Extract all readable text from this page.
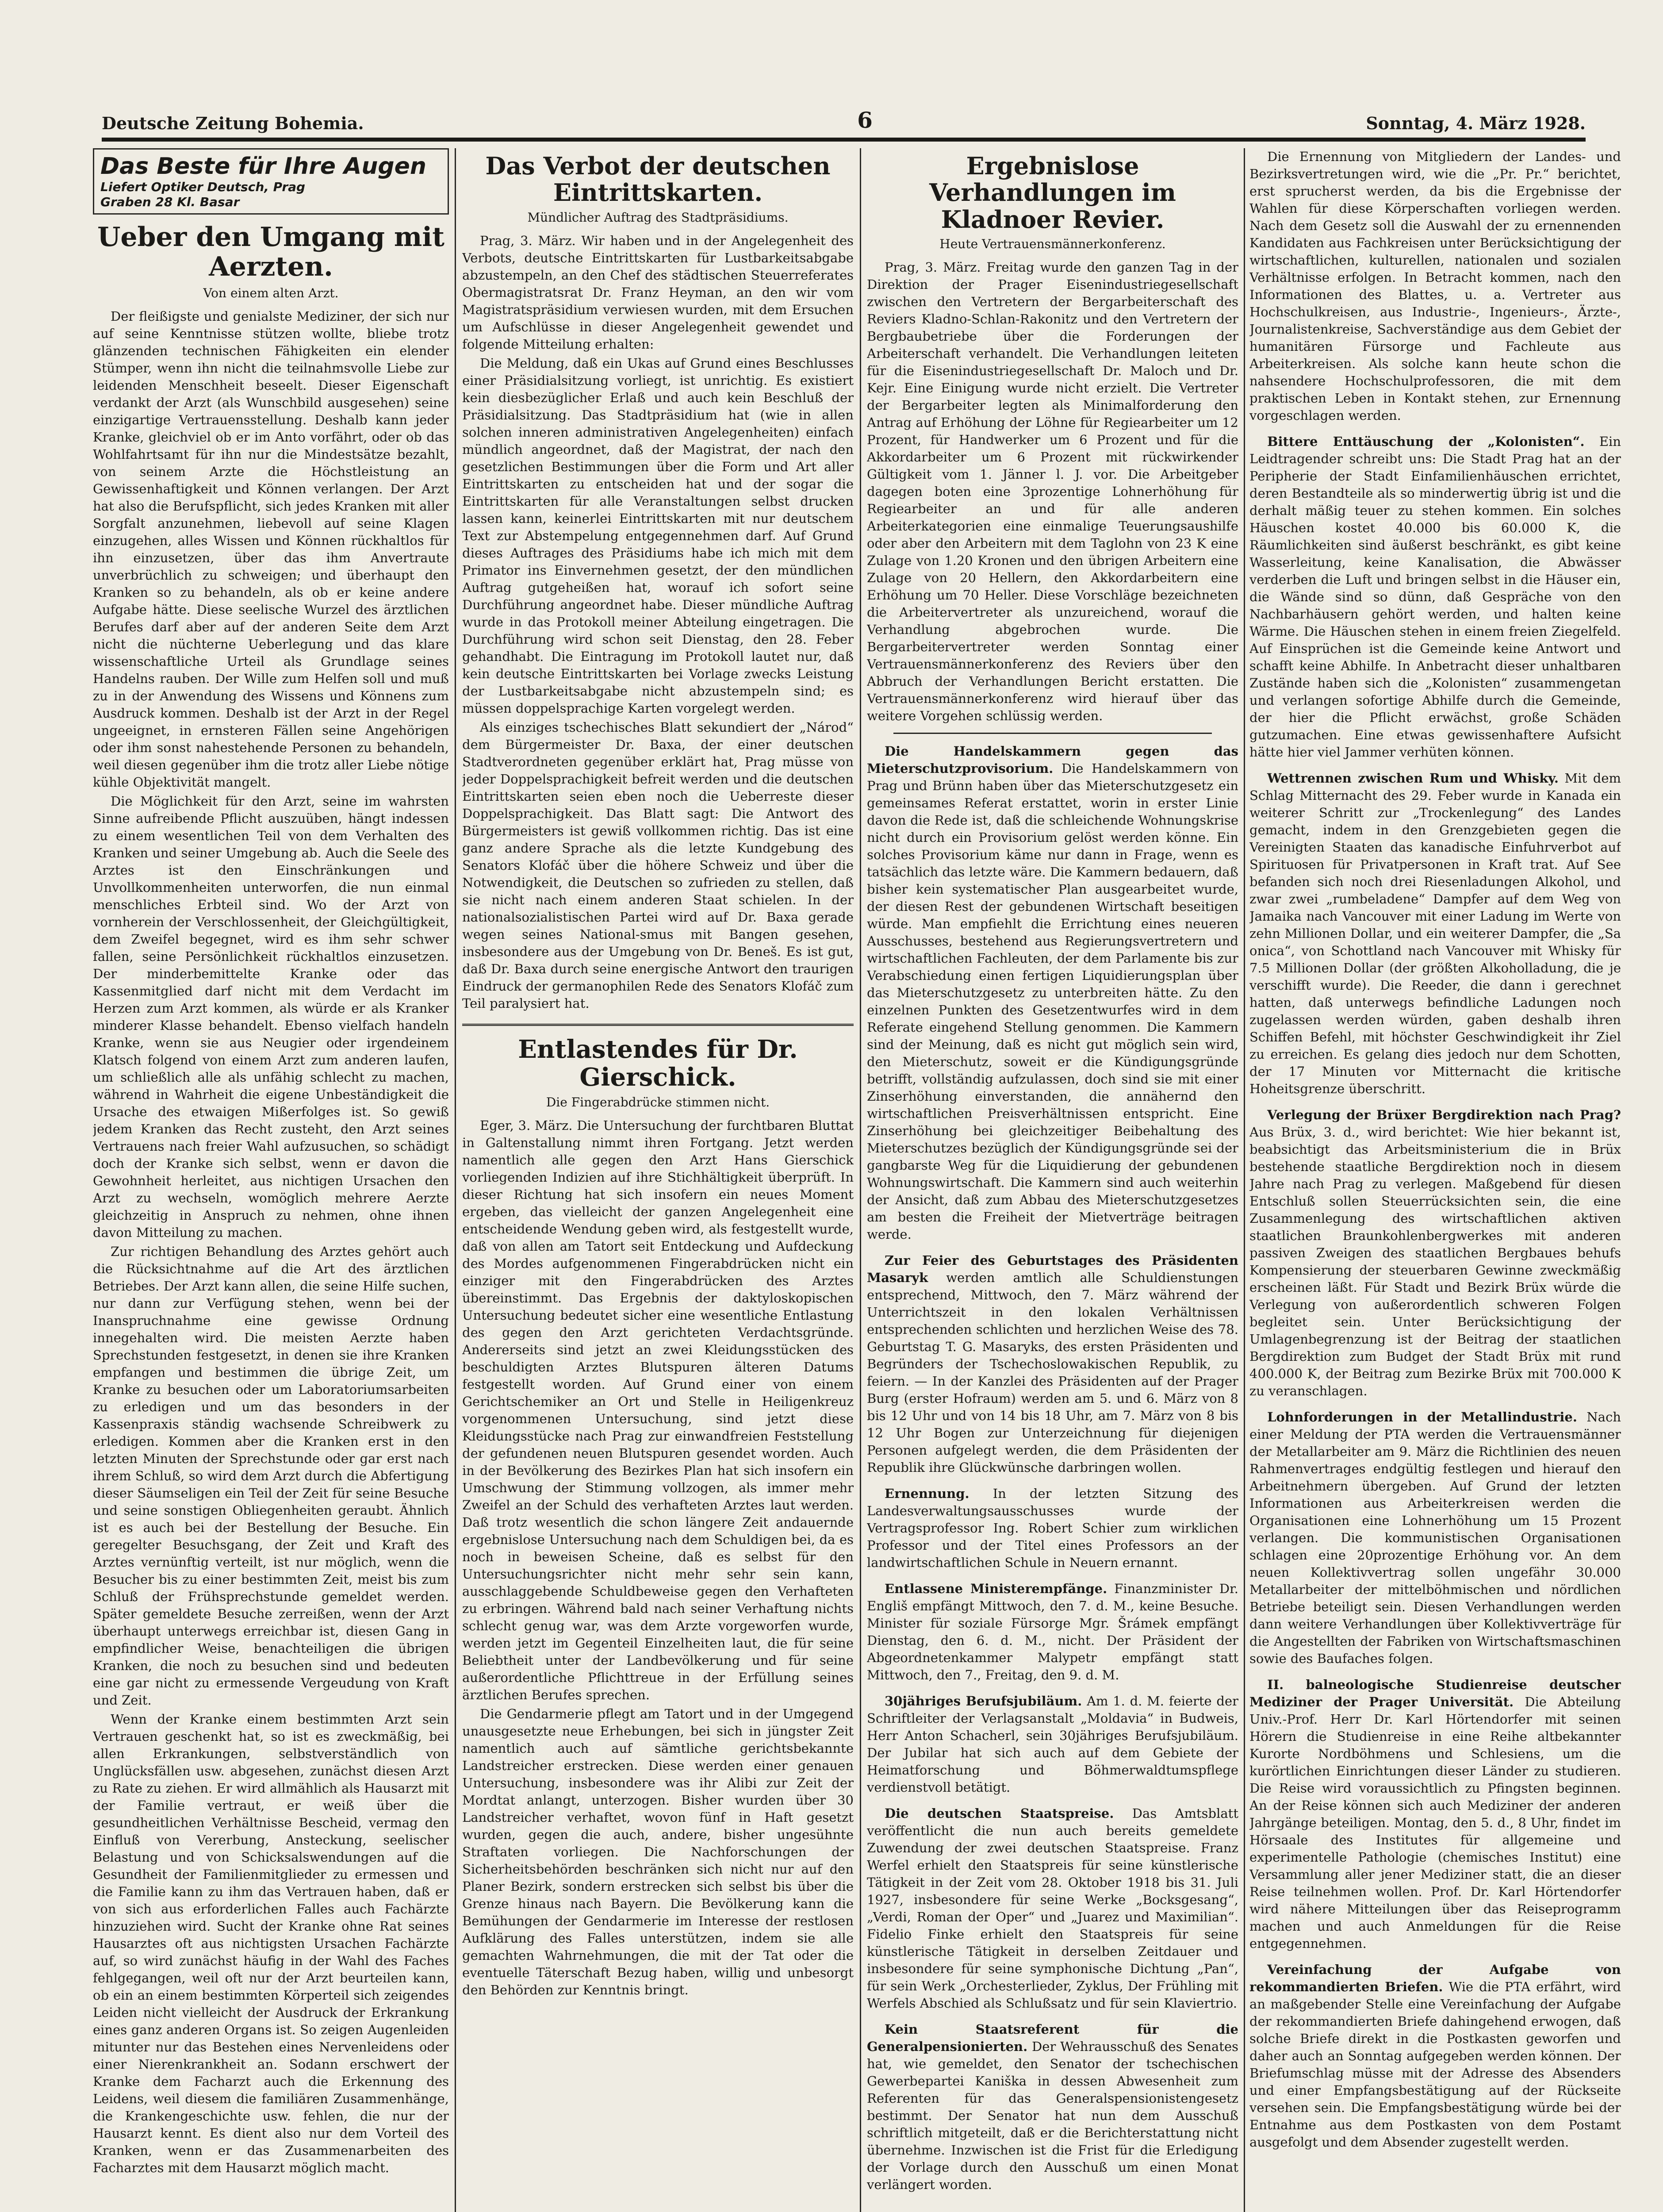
Deutsche Zeitung Bohemia.	6	Sonntag, 4. März 1928.
Das Beste für Ihre Augen
Liefert Optiker Deutsch, Prag
Graben 28 Kl. Basar
Ueber den Umgang mit Aerzten.
Von einem alten Arzt.

Der fleißigste und genialste Mediziner, der sich nur auf seine Kenntnisse stützen wollte, bliebe trotz glänzenden technischen Fähigkeiten ein elender Stümper, wenn ihn nicht die teilnahmsvolle Liebe zur leidenden Menschheit beseelt. Dieser Eigenschaft verdankt der Arzt (als Wunschbild ausgesehen) seine einzigartige Vertrauensstellung. Deshalb kann jeder Kranke, gleichviel ob er im Anto vorfährt, oder ob das Wohlfahrtsamt für ihn nur die Mindestsätze bezahlt, von seinem Arzte die Höchstleistung an Gewissenhaftigkeit und Können verlangen. Der Arzt hat also die Berufspflicht, sich jedes Kranken mit aller Sorgfalt anzunehmen, liebevoll auf seine Klagen einzugehen, alles Wissen und Können rückhaltlos für ihn einzusetzen, über das ihm Anvertraute unverbrüchlich zu schweigen; und überhaupt den Kranken so zu behandeln, als ob er keine andere Aufgabe hätte. Diese seelische Wurzel des ärztlichen Berufes darf aber auf der anderen Seite dem Arzt nicht die nüchterne Ueberlegung und das klare wissenschaftliche Urteil als Grundlage seines Handelns rauben. Der Wille zum Helfen soll und muß zu in der Anwendung des Wissens und Könnens zum Ausdruck kommen. Deshalb ist der Arzt in der Regel ungeeignet, in ernsteren Fällen seine Angehörigen oder ihm sonst nahestehende Personen zu behandeln, weil diesen gegenüber ihm die trotz aller Liebe nötige kühle Objektivität mangelt.

Die Möglichkeit für den Arzt, seine im wahrsten Sinne aufreibende Pflicht auszuüben, hängt indessen zu einem wesentlichen Teil von dem Verhalten des Kranken und seiner Umgebung ab. Auch die Seele des Arztes ist den Einschränkungen und Unvollkommenheiten unterworfen, die nun einmal menschliches Erbteil sind. Wo der Arzt von vornherein der Verschlossenheit, der Gleichgültigkeit, dem Zweifel begegnet, wird es ihm sehr schwer fallen, seine Persönlichkeit rückhaltlos einzusetzen. Der minderbemittelte Kranke oder das Kassenmitglied darf nicht mit dem Verdacht im Herzen zum Arzt kommen, als würde er als Kranker minderer Klasse behandelt. Ebenso vielfach handeln Kranke, wenn sie aus Neugier oder irgendeinem Klatsch folgend von einem Arzt zum anderen laufen, um schließlich alle als unfähig schlecht zu machen, während in Wahrheit die eigene Unbeständigkeit die Ursache des etwaigen Mißerfolges ist. So gewiß jedem Kranken das Recht zusteht, den Arzt seines Vertrauens nach freier Wahl aufzusuchen, so schädigt doch der Kranke sich selbst, wenn er davon die Gewohnheit herleitet, aus nichtigen Ursachen den Arzt zu wechseln, womöglich mehrere Aerzte gleichzeitig in Anspruch zu nehmen, ohne ihnen davon Mitteilung zu machen.

Zur richtigen Behandlung des Arztes gehört auch die Rücksichtnahme auf die Art des ärztlichen Betriebes. Der Arzt kann allen, die seine Hilfe suchen, nur dann zur Verfügung stehen, wenn bei der Inanspruchnahme eine gewisse Ordnung innegehalten wird. Die meisten Aerzte haben Sprechstunden festgesetzt, in denen sie ihre Kranken empfangen und bestimmen die übrige Zeit, um Kranke zu besuchen oder um Laboratoriumsarbeiten zu erledigen und um das besonders in der Kassenpraxis ständig wachsende Schreibwerk zu erledigen. Kommen aber die Kranken erst in den letzten Minuten der Sprechstunde oder gar erst nach ihrem Schluß, so wird dem Arzt durch die Abfertigung dieser Säumseligen ein Teil der Zeit für seine Besuche und seine sonstigen Obliegenheiten geraubt. Ähnlich ist es auch bei der Bestellung der Besuche. Ein geregelter Besuchsgang, der Zeit und Kraft des Arztes vernünftig verteilt, ist nur möglich, wenn die Besucher bis zu einer bestimmten Zeit, meist bis zum Schluß der Frühsprechstunde gemeldet werden. Später gemeldete Besuche zerreißen, wenn der Arzt überhaupt unterwegs erreichbar ist, diesen Gang in empfindlicher Weise, benachteiligen die übrigen Kranken, die noch zu besuchen sind und bedeuten eine gar nicht zu ermessende Vergeudung von Kraft und Zeit.

Wenn der Kranke einem bestimmten Arzt sein Vertrauen geschenkt hat, so ist es zweckmäßig, bei allen Erkrankungen, selbstverständlich von Unglücksfällen usw. abgesehen, zunächst diesen Arzt zu Rate zu ziehen. Er wird allmählich als Hausarzt mit der Familie vertraut, er weiß über die gesundheitlichen Verhältnisse Bescheid, vermag den Einfluß von Vererbung, Ansteckung, seelischer Belastung und von Schicksalswendungen auf die Gesundheit der Familienmitglieder zu ermessen und die Familie kann zu ihm das Vertrauen haben, daß er von sich aus erforderlichen Falles auch Fachärzte hinzuziehen wird. Sucht der Kranke ohne Rat seines Hausarztes oft aus nichtigsten Ursachen Fachärzte auf, so wird zunächst häufig in der Wahl des Faches fehlgegangen, weil oft nur der Arzt beurteilen kann, ob ein an einem bestimmten Körperteil sich zeigendes Leiden nicht vielleicht der Ausdruck der Erkrankung eines ganz anderen Organs ist. So zeigen Augenleiden mitunter nur das Bestehen eines Nervenleidens oder einer Nierenkrankheit an. Sodann erschwert der Kranke dem Facharzt auch die Erkennung des Leidens, weil diesem die familiären Zusammenhänge, die Krankengeschichte usw. fehlen, die nur der Hausarzt kennt. Es dient also nur dem Vorteil des Kranken, wenn er das Zusammenarbeiten des Facharztes mit dem Hausarzt möglich macht.

Das Verbot der deutschen Eintrittskarten.
Mündlicher Auftrag des Stadtpräsidiums.

Prag, 3. März. Wir haben und in der Angelegenheit des Verbots, deutsche Eintrittskarten für Lustbarkeitsabgabe abzustempeln, an den Chef des städtischen Steuerreferates Obermagistratsrat Dr. Franz Heyman, an den wir vom Magistratspräsidium verwiesen wurden, mit dem Ersuchen um Aufschlüsse in dieser Angelegenheit gewendet und folgende Mitteilung erhalten:

Die Meldung, daß ein Ukas auf Grund eines Beschlusses einer Präsidialsitzung vorliegt, ist unrichtig. Es existiert kein diesbezüglicher Erlaß und auch kein Beschluß der Präsidialsitzung. Das Stadtpräsidium hat (wie in allen solchen inneren administrativen Angelegenheiten) einfach mündlich angeordnet, daß der Magistrat, der nach den gesetzlichen Bestimmungen über die Form und Art aller Eintrittskarten zu entscheiden hat und der sogar die Eintrittskarten für alle Veranstaltungen selbst drucken lassen kann, keinerlei Eintrittskarten mit nur deutschem Text zur Abstempelung entgegennehmen darf. Auf Grund dieses Auftrages des Präsidiums habe ich mich mit dem Primator ins Einvernehmen gesetzt, der den mündlichen Auftrag gutgeheißen hat, worauf ich sofort seine Durchführung angeordnet habe. Dieser mündliche Auftrag wurde in das Protokoll meiner Abteilung eingetragen. Die Durchführung wird schon seit Dienstag, den 28. Feber gehandhabt. Die Eintragung im Protokoll lautet nur, daß kein deutsche Eintrittskarten bei Vorlage zwecks Leistung der Lustbarkeitsabgabe nicht abzustempeln sind; es müssen doppelsprachige Karten vorgelegt werden.

Als einziges tschechisches Blatt sekundiert der „Národ“ dem Bürgermeister Dr. Baxa, der einer deutschen Stadtverordneten gegenüber erklärt hat, Prag müsse von jeder Doppelsprachigkeit befreit werden und die deutschen Eintrittskarten seien eben noch die Ueberreste dieser Doppelsprachigkeit. Das Blatt sagt: Die Antwort des Bürgermeisters ist gewiß vollkommen richtig. Das ist eine ganz andere Sprache als die letzte Kundgebung des Senators Klofáč über die höhere Schweiz und über die Notwendigkeit, die Deutschen so zufrieden zu stellen, daß sie nicht nach einem anderen Staat schielen. In der nationalsozialistischen Partei wird auf Dr. Baxa gerade wegen seines National-smus mit Bangen gesehen, insbesondere aus der Umgebung von Dr. Beneš. Es ist gut, daß Dr. Baxa durch seine energische Antwort den traurigen Eindruck der germanophilen Rede des Senators Klofáč zum Teil paralysiert hat.

Entlastendes für Dr. Gierschick.
Die Fingerabdrücke stimmen nicht.

Eger, 3. März. Die Untersuchung der furchtbaren Bluttat in Galtenstallung nimmt ihren Fortgang. Jetzt werden namentlich alle gegen den Arzt Hans Gierschick vorliegenden Indizien auf ihre Stichhältigkeit überprüft. In dieser Richtung hat sich insofern ein neues Moment ergeben, das vielleicht der ganzen Angelegenheit eine entscheidende Wendung geben wird, als festgestellt wurde, daß von allen am Tatort seit Entdeckung und Aufdeckung des Mordes aufgenommenen Fingerabdrücken nicht ein einziger mit den Fingerabdrücken des Arztes übereinstimmt. Das Ergebnis der daktyloskopischen Untersuchung bedeutet sicher eine wesentliche Entlastung des gegen den Arzt gerichteten Verdachtsgründe. Andererseits sind jetzt an zwei Kleidungsstücken des beschuldigten Arztes Blutspuren älteren Datums festgestellt worden. Auf Grund einer von einem Gerichtschemiker an Ort und Stelle in Heiligenkreuz vorgenommenen Untersuchung, sind jetzt diese Kleidungsstücke nach Prag zur einwandfreien Feststellung der gefundenen neuen Blutspuren gesendet worden. Auch in der Bevölkerung des Bezirkes Plan hat sich insofern ein Umschwung der Stimmung vollzogen, als immer mehr Zweifel an der Schuld des verhafteten Arztes laut werden. Daß trotz wesentlich die schon längere Zeit andauernde ergebnislose Untersuchung nach dem Schuldigen bei, da es noch in beweisen Scheine, daß es selbst für den Untersuchungsrichter nicht mehr sehr sein kann, ausschlaggebende Schuldbeweise gegen den Verhafteten zu erbringen. Während bald nach seiner Verhaftung nichts schlecht genug war, was dem Arzte vorgeworfen wurde, werden jetzt im Gegenteil Einzelheiten laut, die für seine Beliebtheit unter der Landbevölkerung und für seine außerordentliche Pflichttreue in der Erfüllung seines ärztlichen Berufes sprechen.

Die Gendarmerie pflegt am Tatort und in der Umgegend unausgesetzte neue Erhebungen, bei sich in jüngster Zeit namentlich auch auf sämtliche gerichtsbekannte Landstreicher erstrecken. Diese werden einer genauen Untersuchung, insbesondere was ihr Alibi zur Zeit der Mordtat anlangt, unterzogen. Bisher wurden über 30 Landstreicher verhaftet, wovon fünf in Haft gesetzt wurden, gegen die auch, andere, bisher ungesühnte Straftaten vorliegen. Die Nachforschungen der Sicherheitsbehörden beschränken sich nicht nur auf den Planer Bezirk, sondern erstrecken sich selbst bis über die Grenze hinaus nach Bayern. Die Bevölkerung kann die Bemühungen der Gendarmerie im Interesse der restlosen Aufklärung des Falles unterstützen, indem sie alle gemachten Wahrnehmungen, die mit der Tat oder die eventuelle Täterschaft Bezug haben, willig und unbesorgt den Behörden zur Kenntnis bringt.

Ergebnislose Verhandlungen im Kladnoer Revier.
Heute Vertrauensmännerkonferenz.

Prag, 3. März. Freitag wurde den ganzen Tag in der Direktion der Prager Eisenindustriegesellschaft zwischen den Vertretern der Bergarbeiterschaft des Reviers Kladno-Schlan-Rakonitz und den Vertretern der Bergbaubetriebe über die Forderungen der Arbeiterschaft verhandelt. Die Verhandlungen leiteten für die Eisenindustriegesellschaft Dr. Maloch und Dr. Kejr. Eine Einigung wurde nicht erzielt. Die Vertreter der Bergarbeiter legten als Minimalforderung den Antrag auf Erhöhung der Löhne für Regiearbeiter um 12 Prozent, für Handwerker um 6 Prozent und für die Akkordarbeiter um 6 Prozent mit rückwirkender Gültigkeit vom 1. Jänner l. J. vor. Die Arbeitgeber dagegen boten eine 3prozentige Lohnerhöhung für Regiearbeiter an und für alle anderen Arbeiterkategorien eine einmalige Teuerungsaushilfe oder aber den Arbeitern mit dem Taglohn von 23 K eine Zulage von 1.20 Kronen und den übrigen Arbeitern eine Zulage von 20 Hellern, den Akkordarbeitern eine Erhöhung um 70 Heller. Diese Vorschläge bezeichneten die Arbeitervertreter als unzureichend, worauf die Verhandlung abgebrochen wurde. Die Bergarbeitervertreter werden Sonntag einer Vertrauensmännerkonferenz des Reviers über den Abbruch der Verhandlungen Bericht erstatten. Die Vertrauensmännerkonferenz wird hierauf über das weitere Vorgehen schlüssig werden.

Die Handelskammern gegen das Mieterschutzprovisorium. Die Handelskammern von Prag und Brünn haben über das Mieterschutzgesetz ein gemeinsames Referat erstattet, worin in erster Linie davon die Rede ist, daß die schleichende Wohnungskrise nicht durch ein Provisorium gelöst werden könne. Ein solches Provisorium käme nur dann in Frage, wenn es tatsächlich das letzte wäre. Die Kammern bedauern, daß bisher kein systematischer Plan ausgearbeitet wurde, der diesen Rest der gebundenen Wirtschaft beseitigen würde. Man empfiehlt die Errichtung eines neueren Ausschusses, bestehend aus Regierungsvertretern und wirtschaftlichen Fachleuten, der dem Parlamente bis zur Verabschiedung einen fertigen Liquidierungsplan über das Mieterschutzgesetz zu unterbreiten hätte. Zu den einzelnen Punkten des Gesetzentwurfes wird in dem Referate eingehend Stellung genommen. Die Kammern sind der Meinung, daß es nicht gut möglich sein wird, den Mieterschutz, soweit er die Kündigungsgründe betrifft, vollständig aufzulassen, doch sind sie mit einer Zinserhöhung einverstanden, die annähernd den wirtschaftlichen Preisverhältnissen entspricht. Eine Zinserhöhung bei gleichzeitiger Beibehaltung des Mieterschutzes bezüglich der Kündigungsgründe sei der gangbarste Weg für die Liquidierung der gebundenen Wohnungswirtschaft. Die Kammern sind auch weiterhin der Ansicht, daß zum Abbau des Mieterschutzgesetzes am besten die Freiheit der Mietverträge beitragen werde.

Zur Feier des Geburtstages des Präsidenten Masaryk werden amtlich alle Schuldienstungen entsprechend, Mittwoch, den 7. März während der Unterrichtszeit in den lokalen Verhältnissen entsprechenden schlichten und herzlichen Weise des 78. Geburtstag T. G. Masaryks, des ersten Präsidenten und Begründers der Tschechoslowakischen Republik, zu feiern. — In der Kanzlei des Präsidenten auf der Prager Burg (erster Hofraum) werden am 5. und 6. März von 8 bis 12 Uhr und von 14 bis 18 Uhr, am 7. März von 8 bis 12 Uhr Bogen zur Unterzeichnung für diejenigen Personen aufgelegt werden, die dem Präsidenten der Republik ihre Glückwünsche darbringen wollen.

Ernennung. In der letzten Sitzung des Landesverwaltungsausschusses wurde der Vertragsprofessor Ing. Robert Schier zum wirklichen Professor und der Titel eines Professors an der landwirtschaftlichen Schule in Neuern ernannt.

Entlassene Ministerempfänge. Finanzminister Dr. Engliš empfängt Mittwoch, den 7. d. M., keine Besuche. Minister für soziale Fürsorge Mgr. Šrámek empfängt Dienstag, den 6. d. M., nicht. Der Präsident der Abgeordnetenkammer Malypetr empfängt statt Mittwoch, den 7., Freitag, den 9. d. M.

30jähriges Berufsjubiläum. Am 1. d. M. feierte der Schriftleiter der Verlagsanstalt „Moldavia“ in Budweis, Herr Anton Schacherl, sein 30jähriges Berufsjubiläum. Der Jubilar hat sich auch auf dem Gebiete der Heimatforschung und Böhmerwaldtumspflege verdienstvoll betätigt.

Die deutschen Staatspreise. Das Amtsblatt veröffentlicht die nun auch bereits gemeldete Zuwendung der zwei deutschen Staatspreise. Franz Werfel erhielt den Staatspreis für seine künstlerische Tätigkeit in der Zeit vom 28. Oktober 1918 bis 31. Juli 1927, insbesondere für seine Werke „Bocksgesang“, „Verdi, Roman der Oper“ und „Juarez und Maximilian“. Fidelio Finke erhielt den Staatspreis für seine künstlerische Tätigkeit in derselben Zeitdauer und insbesondere für seine symphonische Dichtung „Pan“, für sein Werk „Orchesterlieder, Zyklus, Der Frühling mit Werfels Abschied als Schlußsatz und für sein Klaviertrio.

Kein Staatsreferent für die Generalpensionierten. Der Wehrausschuß des Senates hat, wie gemeldet, den Senator der tschechischen Gewerbepartei Kaniška in dessen Abwesenheit zum Referenten für das Generalspensionistengesetz bestimmt. Der Senator hat nun dem Ausschuß schriftlich mitgeteilt, daß er die Berichterstattung nicht übernehme. Inzwischen ist die Frist für die Erledigung der Vorlage durch den Ausschuß um einen Monat verlängert worden.

Die Ernennung von Mitgliedern der Landes- und Bezirksvertretungen wird, wie die „Pr. Pr.“ berichtet, erst sprucherst werden, da bis die Ergebnisse der Wahlen für diese Körperschaften vorliegen werden. Nach dem Gesetz soll die Auswahl der zu ernennenden Kandidaten aus Fachkreisen unter Berücksichtigung der wirtschaftlichen, kulturellen, nationalen und sozialen Verhältnisse erfolgen. In Betracht kommen, nach den Informationen des Blattes, u. a. Vertreter aus Hochschulkreisen, aus Industrie-, Ingenieurs-, Ärzte-, Journalistenkreise, Sachverständige aus dem Gebiet der humanitären Fürsorge und Fachleute aus Arbeiterkreisen. Als solche kann heute schon die nahsendere Hochschulprofessoren, die mit dem praktischen Leben in Kontakt stehen, zur Ernennung vorgeschlagen werden.

Bittere Enttäuschung der „Kolonisten“. Ein Leidtragender schreibt uns: Die Stadt Prag hat an der Peripherie der Stadt Einfamilienhäuschen errichtet, deren Bestandteile als so minderwertig übrig ist und die derhalt mäßig teuer zu stehen kommen. Ein solches Häuschen kostet 40.000 bis 60.000 K, die Räumlichkeiten sind äußerst beschränkt, es gibt keine Wasserleitung, keine Kanalisation, die Abwässer verderben die Luft und bringen selbst in die Häuser ein, die Wände sind so dünn, daß Gespräche von den Nachbarhäusern gehört werden, und halten keine Wärme. Die Häuschen stehen in einem freien Ziegelfeld. Auf Einsprüchen ist die Gemeinde keine Antwort und schafft keine Abhilfe. In Anbetracht dieser unhaltbaren Zustände haben sich die „Kolonisten“ zusammengetan und verlangen sofortige Abhilfe durch die Gemeinde, der hier die Pflicht erwächst, große Schäden gutzumachen. Eine etwas gewissenhaftere Aufsicht hätte hier viel Jammer verhüten können.

Wettrennen zwischen Rum und Whisky. Mit dem Schlag Mitternacht des 29. Feber wurde in Kanada ein weiterer Schritt zur „Trockenlegung“ des Landes gemacht, indem in den Grenzgebieten gegen die Vereinigten Staaten das kanadische Einfuhrverbot auf Spirituosen für Privatpersonen in Kraft trat. Auf See befanden sich noch drei Riesenladungen Alkohol, und zwar zwei „rumbeladene“ Dampfer auf dem Weg von Jamaika nach Vancouver mit einer Ladung im Werte von zehn Millionen Dollar, und ein weiterer Dampfer, die „Sa onica“, von Schottland nach Vancouver mit Whisky für 7.5 Millionen Dollar (der größten Alkoholladung, die je verschifft wurde). Die Reeder, die dann i gerechnet hatten, daß unterwegs befindliche Ladungen noch zugelassen werden würden, gaben deshalb ihren Schiffen Befehl, mit höchster Geschwindigkeit ihr Ziel zu erreichen. Es gelang dies jedoch nur dem Schotten, der 17 Minuten vor Mitternacht die kritische Hoheitsgrenze überschritt.

Verlegung der Brüxer Bergdirektion nach Prag? Aus Brüx, 3. d., wird berichtet: Wie hier bekannt ist, beabsichtigt das Arbeitsministerium die in Brüx bestehende staatliche Bergdirektion noch in diesem Jahre nach Prag zu verlegen. Maßgebend für diesen Entschluß sollen Steuerrücksichten sein, die eine Zusammenlegung des wirtschaftlichen aktiven staatlichen Braunkohlenbergwerkes mit anderen passiven Zweigen des staatlichen Bergbaues behufs Kompensierung der steuerbaren Gewinne zweckmäßig erscheinen läßt. Für Stadt und Bezirk Brüx würde die Verlegung von außerordentlich schweren Folgen begleitet sein. Unter Berücksichtigung der Umlagenbegrenzung ist der Beitrag der staatlichen Bergdirektion zum Budget der Stadt Brüx mit rund 400.000 K, der Beitrag zum Bezirke Brüx mit 700.000 K zu veranschlagen.

Lohnforderungen in der Metallindustrie. Nach einer Meldung der PTA werden die Vertrauensmänner der Metallarbeiter am 9. März die Richtlinien des neuen Rahmenvertrages endgültig festlegen und hierauf den Arbeitnehmern übergeben. Auf Grund der letzten Informationen aus Arbeiterkreisen werden die Organisationen eine Lohnerhöhung um 15 Prozent verlangen. Die kommunistischen Organisationen schlagen eine 20prozentige Erhöhung vor. An dem neuen Kollektivvertrag sollen ungefähr 30.000 Metallarbeiter der mittelböhmischen und nördlichen Betriebe beteiligt sein. Diesen Verhandlungen werden dann weitere Verhandlungen über Kollektivverträge für die Angestellten der Fabriken von Wirtschaftsmaschinen sowie des Baufaches folgen.

II. balneologische Studienreise deutscher Mediziner der Prager Universität. Die Abteilung Univ.-Prof. Herr Dr. Karl Hörtendorfer mit seinen Hörern die Studienreise in eine Reihe altbekannter Kurorte Nordböhmens und Schlesiens, um die kurörtlichen Einrichtungen dieser Länder zu studieren. Die Reise wird voraussichtlich zu Pfingsten beginnen. An der Reise können sich auch Mediziner der anderen Jahrgänge beteiligen. Montag, den 5. d., 8 Uhr, findet im Hörsaale des Institutes für allgemeine und experimentelle Pathologie (chemisches Institut) eine Versammlung aller jener Mediziner statt, die an dieser Reise teilnehmen wollen. Prof. Dr. Karl Hörtendorfer wird nähere Mitteilungen über das Reiseprogramm machen und auch Anmeldungen für die Reise entgegennehmen.

Vereinfachung der Aufgabe von rekommandierten Briefen. Wie die PTA erfährt, wird an maßgebender Stelle eine Vereinfachung der Aufgabe der rekommandierten Briefe dahingehend erwogen, daß solche Briefe direkt in die Postkasten geworfen und daher auch an Sonntag aufgegeben werden können. Der Briefumschlag müsse mit der Adresse des Absenders und einer Empfangsbestätigung auf der Rückseite versehen sein. Die Empfangsbestätigung würde bei der Entnahme aus dem Postkasten von dem Postamt ausgefolgt und dem Absender zugestellt werden.
